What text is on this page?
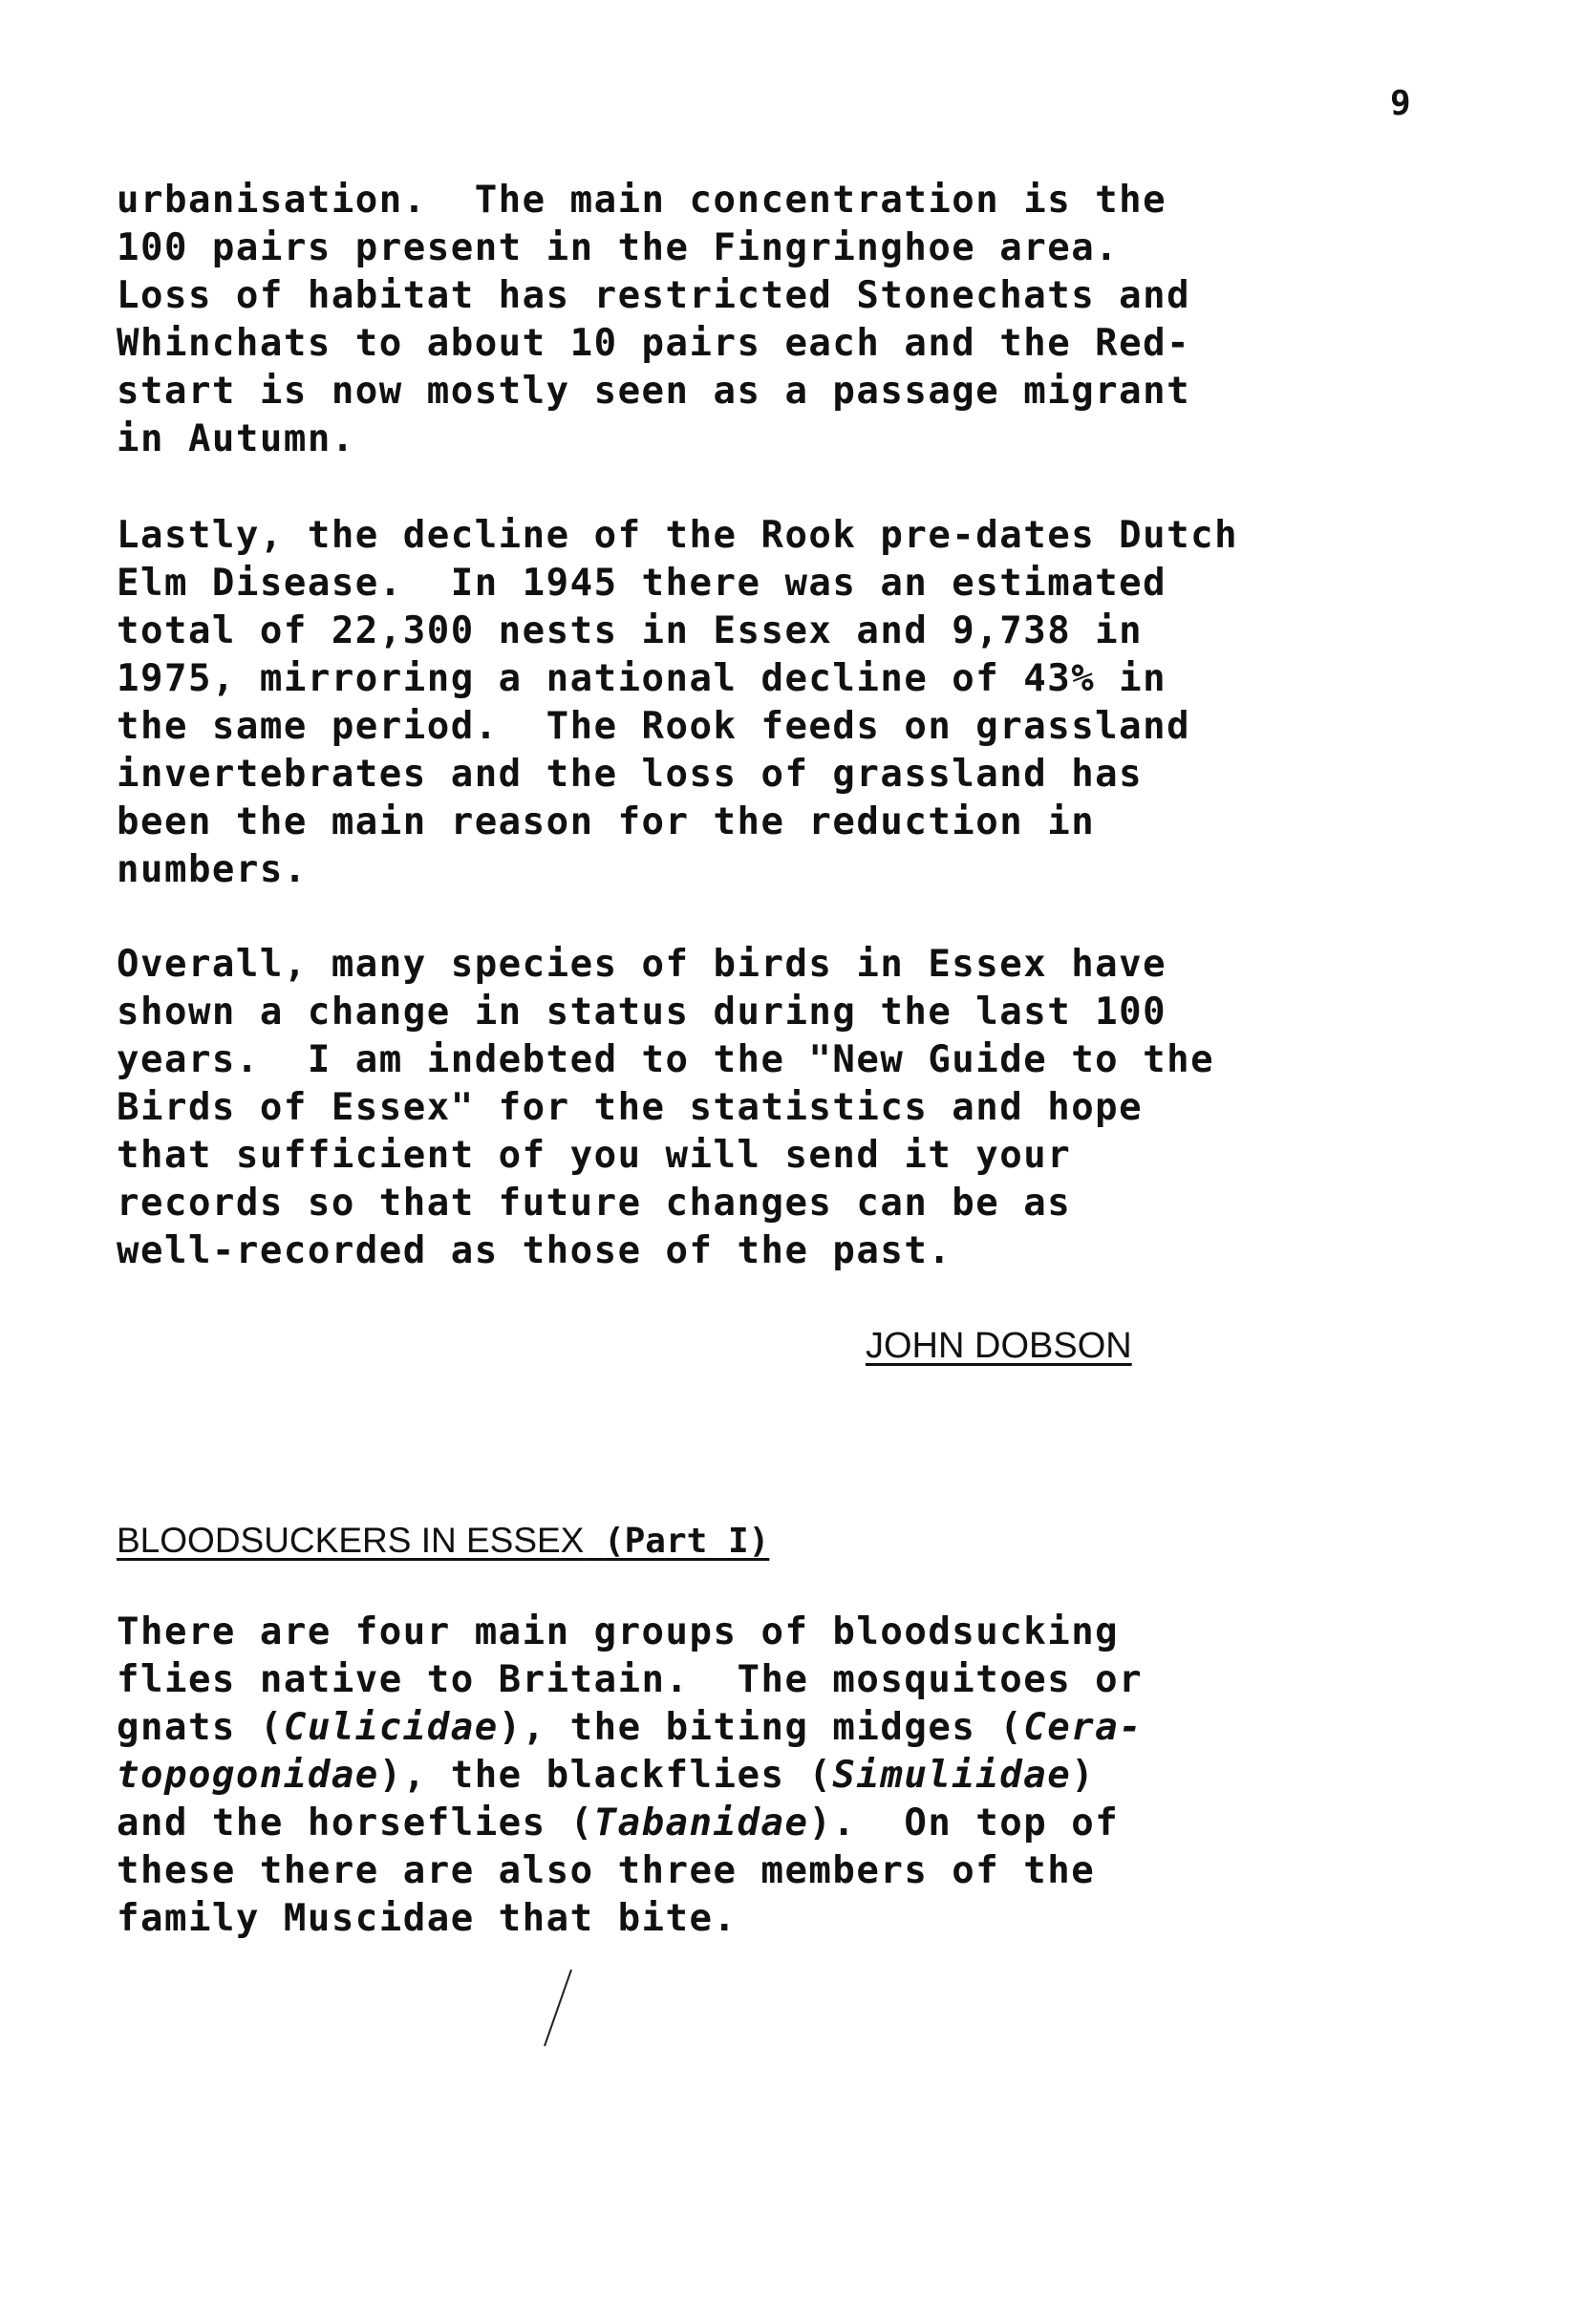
9

urbanisation.  The main concentration is the
100 pairs present in the Fingringhoe area.
Loss of habitat has restricted Stonechats and
Whinchats to about 10 pairs each and the Red-
start is now mostly seen as a passage migrant
in Autumn.

Lastly, the decline of the Rook pre-dates Dutch
Elm Disease.  In 1945 there was an estimated
total of 22,300 nests in Essex and 9,738 in
1975, mirroring a national decline of 43% in
the same period.  The Rook feeds on grassland
invertebrates and the loss of grassland has
been the main reason for the reduction in
numbers.

Overall, many species of birds in Essex have
shown a change in status during the last 100
years.  I am indebted to the "New Guide to the
Birds of Essex" for the statistics and hope
that sufficient of you will send it your
records so that future changes can be as
well-recorded as those of the past.

JOHN DOBSON
BLOODSUCKERS IN ESSEX (Part I)

There are four main groups of bloodsucking
flies native to Britain.  The mosquitoes or
gnats (Culicidae), the biting midges (Cera-
topogonidae), the blackflies (Simuliidae)
and the horseflies (Tabanidae).  On top of
these there are also three members of the
family Muscidae that bite.
